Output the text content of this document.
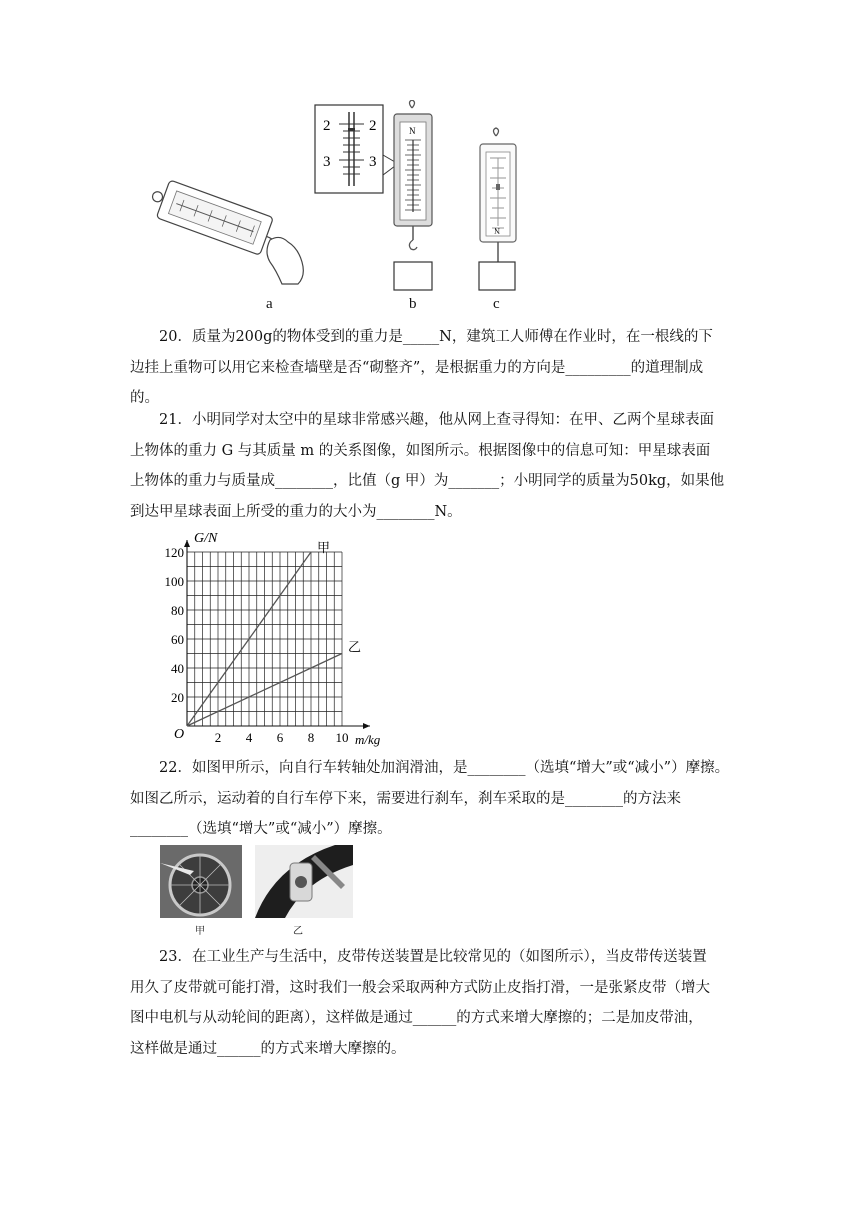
2	2
3	3
N
N
a	b	c
20．质量为200g的物体受到的重力是_____N，建筑工人师傅在作业时，在一根线的下
边挂上重物可以用它来检查墙壁是否“砌整齐”，是根据重力的方向是_________的道理制成
的。
21．小明同学对太空中的星球非常感兴趣，他从网上查寻得知：在甲、乙两个星球表面
上物体的重力 G 与其质量 m 的关系图像，如图所示。根据图像中的信息可知：甲星球表面
上物体的重力与质量成________，比值（g 甲）为_______；小明同学的质量为50kg，如果他
到达甲星球表面上所受的重力的大小为________N。
2 4 6 8 10
20
40
60
80
100
120	甲
乙
G/N
m/kg
O
22．如图甲所示，向自行车转轴处加润滑油，是________（选填“增大”或“减小”）摩擦。
如图乙所示，运动着的自行车停下来，需要进行刹车，刹车采取的是________的方法来
________（选填“增大”或“减小”）摩擦。
甲	乙
23．在工业生产与生活中，皮带传送装置是比较常见的（如图所示），当皮带传送装置
用久了皮带就可能打滑，这时我们一般会采取两种方式防止皮指打滑，一是张紧皮带（增大
图中电机与从动轮间的距离），这样做是通过______的方式来增大摩擦的；二是加皮带油，
这样做是通过______的方式来增大摩擦的。
